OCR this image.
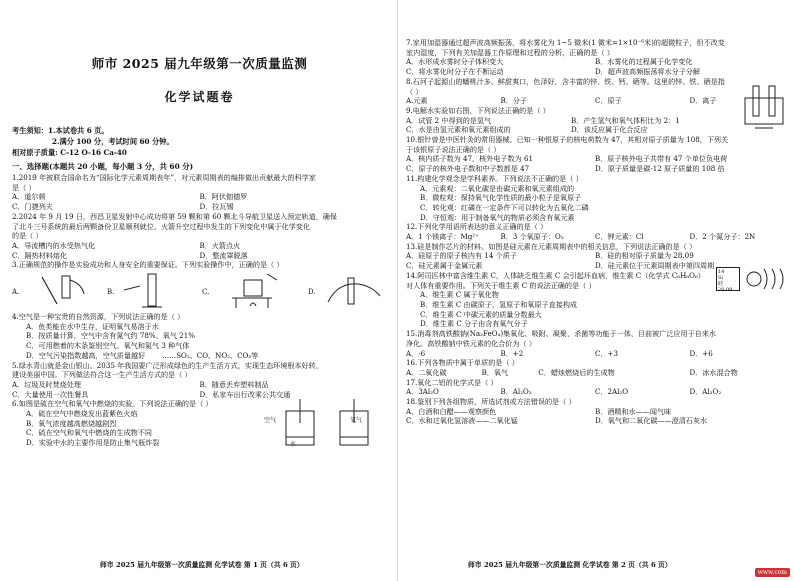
师市 2025 届九年级第一次质量监测
化学试题卷
考生须知：1.本试卷共 6 页。
2.满分 100 分，考试时间 60 分钟。
相对原子质量: C-12 O-16 Ca-40
一、选择题(本题共 20 小题，每小题 3 分，共 60 分)
1.2019 年被联合国命名为“国际化学元素周期表年”，对元素周期表的编排做出贡献最大的科学家
是（ ）
A．道尔顿	B．阿伏伽德罗
C．门捷列夫	D．拉瓦锡
2.2024 年 9 月 19 日，西昌卫星发射中心成功将第 59 颗和第 60 颗北斗导航卫星送入预定轨道，确保
了北斗三号系统的最后两颗备份卫星顺利就位。火箭升空过程中发生的下列变化中属于化学变化
的是（ ）
A．导流槽内的水受热气化	B．火箭点火
C．隔热材料熔化	D．整流罩脱落
3.正确规范的操作是实验成功和人身安全的重要保证。下列实验操作中，正确的是（ ）
A.	B.	C.	D.
4.空气是一种宝贵的自然资源，下列说法正确的是（ ）
A．鱼类能在水中生存，证明氧气易溶于水
B．按质量计算，空气中含有氮气约 78%、氧气 21%
C．可用燃着的木条鉴别空气、氧气和氮气 3 种气体
D．空气污染指数越高，空气质量越好	……SO₂、CO、NO₂、CO₂等
5.绿水青山就是金山银山。2035 年我国要广泛形成绿色的生产生活方式，实现生态环境根本好转，
建设美丽中国。下列做法符合这一生产生活方式的是（ ）
A．垃圾及时焚烧处理	B．随意丢弃塑料制品
C．大量使用一次性餐具	D．私家车出行改乘公共交通
6.如图是硫在空气和氧气中燃烧的实验。下列说法正确的是（ ）
A．硫在空气中燃烧发出蓝紫色火焰
B．氧气浓度越高燃烧越剧烈
C．硫在空气和氧气中燃烧的生成物不同
D．实验中水的主要作用是防止集气瓶炸裂
空气	氧气
水
师市 2025 届九年级第一次质量监测 化学试卷 第 1 页（共 6 页）
7.家用加湿器通过超声波高频振荡，将水雾化为 1~5 微米(1 微米=1×10⁻⁶米)的超微粒子，但不改变
室内湿度，下列有关加湿器工作原理和过程的分析，正确的是（ ）
A．水形成水雾时分子体积变大	B．水雾化的过程属于化学变化
C．将水雾化时分子在不断运动	D．超声波高频振荡将水分子分解
8.石河子起源山的蟠桃汁多、鲜甜爽口，色泽好，含丰富的锌、铁、钙、硒等。这里的锌、铁、硒是指
（ ）
A.元素	B．分子	C．原子	D．离子
9.电解水实验如右图，下列说法正确的是（ ）
A．试管 2 中得到的是氢气	B．产生氢气和氧气体积比为 2：1
C．水是由氢元素和氧元素组成的	D．该反应属于化合反应
10.银针曾是中医针灸的常用器械。已知一种银原子的核电荷数为 47，其相对原子质量为 108，下列关
于该银原子说法正确的是（ ）
A．核内质子数为 47，核外电子数为 61	B．原子核外电子共带有 47 个单位负电荷
C．原子的核外电子数和中子数都是 47	D．原子质量是碳-12 原子质量的 108 倍
11.构建化学观念是学科素养。下列说法不正确的是（ ）
A．元素观：二氧化碳是由碳元素和氧元素组成的
B．微粒观：保持氧气化学性质的最小粒子是氧原子
C．转化观：红磷在一定条件下可以转化为五氧化二磷
D．守恒观：用于制备氧气的物质必须含有氧元素
12.下列化学用语所表达的意义正确的是（ ）
A．1 个镁离子：Mg²⁺	B．3 个氧原子：O₃	C．钾元素：Cl	D．2 个氮分子：2N
13.硅是制作芯片的材料。如图是硅元素在元素周期表中的相关信息，下列说法正确的是（ ）
A．硅原子的原子核内有 14 个质子	B．硅的相对原子质量为 28.09
C．硅元素属于金属元素	D．硅元素位于元素周期表中第四周期
14.阿司匹林中富含维生素 C，人体缺乏维生素 C 会引起坏血病，维生素 C（化学式 C₆H₈O₆）
对人体有重要作用。下列关于维生素 C 的说法正确的是（ ）
A．维生素 C 属于氧化物
B．维生素 C 由碳原子、氢原子和氧原子直接构成
C．维生素 C 中碳元素的质量分数最大
D．维生素 C 分子由含有氧气分子
14
Si
硅
28.09
15.消毒剂高铁酸钠(Na₂FeO₄)集氧化、吸附、凝聚、杀菌等功能于一体，目前被广泛应用于自来水
净化。高铁酸钠中铁元素的化合价为（ ）
A．-6	B．+2	C．+3	D．+6
16.下列各物质中属于单质的是（ ）
A．二氧化碳	B．氧气	C．蜡烛燃烧后的生成物	D．冰水混合物
17.氧化二铝的化学式是（ ）
A．3Al₂O	B．Al₂O₃	C．2Al₂O	D．Al₃O₂
18.鉴别下列各组物质，所选试剂或方法错误的是（ ）
A．白酒和白醋——观察颜色	B．酒精和水——闻气味
C．水和过氧化氢溶液——二氧化锰	D．氧气和二氧化碳——澄清石灰水
师市 2025 届九年级第一次质量监测 化学试卷 第 2 页（共 6 页）
www.com
